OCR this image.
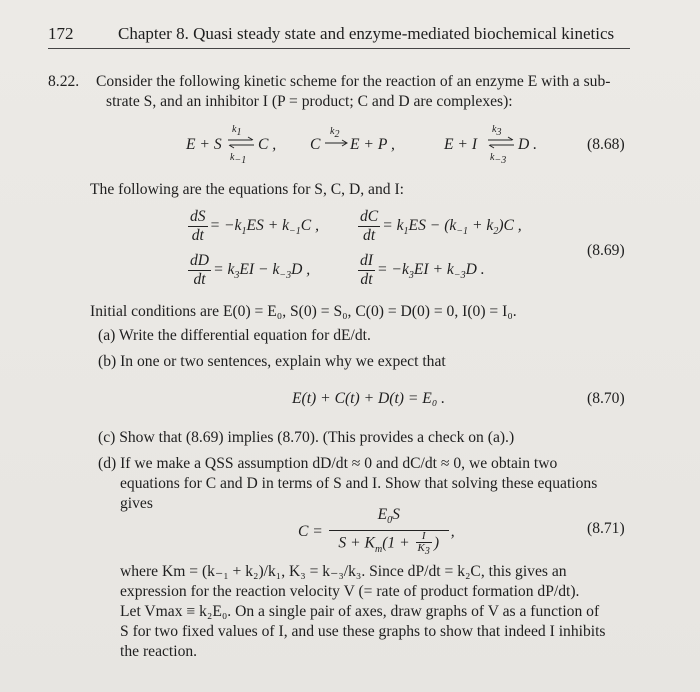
172	Chapter 8. Quasi steady state and enzyme-mediated biochemical kinetics
8.22. Consider the following kinetic scheme for the reaction of an enzyme E with a sub-
strate S, and an inhibitor I (P = product; C and D are complexes):
E + S
$k_1$
$k_{-1}$
C , C
$k_2$
E + P ,	E + I
$k_3$
$k_{-3}$
D .	(8.68)
The following are the equations for S, C, D, and I:
$\frac{dS}{dt} = -k_1ES + k_{-1}C$ ,	$\frac{dC}{dt} = k_1ES - (k_{-1} + k_2)C$ ,
$\frac{dD}{dt} = k_3EI - k_{-3}D$ ,	$\frac{dI}{dt} = -k_3EI + k_{-3}D$ .
(8.69)
Initial conditions are E(0) = E₀, S(0) = S₀, C(0) = D(0) = 0, I(0) = I₀.
(a) Write the differential equation for dE/dt.
(b) In one or two sentences, explain why we expect that
E(t) + C(t) + D(t) = E₀ .	(8.70)
(c) Show that (8.69) implies (8.70). (This provides a check on (a).)
(d) If we make a QSS assumption dD/dt ≈ 0 and dC/dt ≈ 0, we obtain two
equations for C and D in terms of S and I. Show that solving these equations
gives
$C = \frac{E_0S}{S + K_m(1 + \frac{I}{K_3} )}$ ,	(8.71)
where Km = (k₋₁ + k₂)/k₁, K₃ = k₋₃/k₃. Since dP/dt = k₂C, this gives an
expression for the reaction velocity V (= rate of product formation dP/dt).
Let Vmax ≡ k₂E₀. On a single pair of axes, draw graphs of V as a function of
S for two fixed values of I, and use these graphs to show that indeed I inhibits
the reaction.
